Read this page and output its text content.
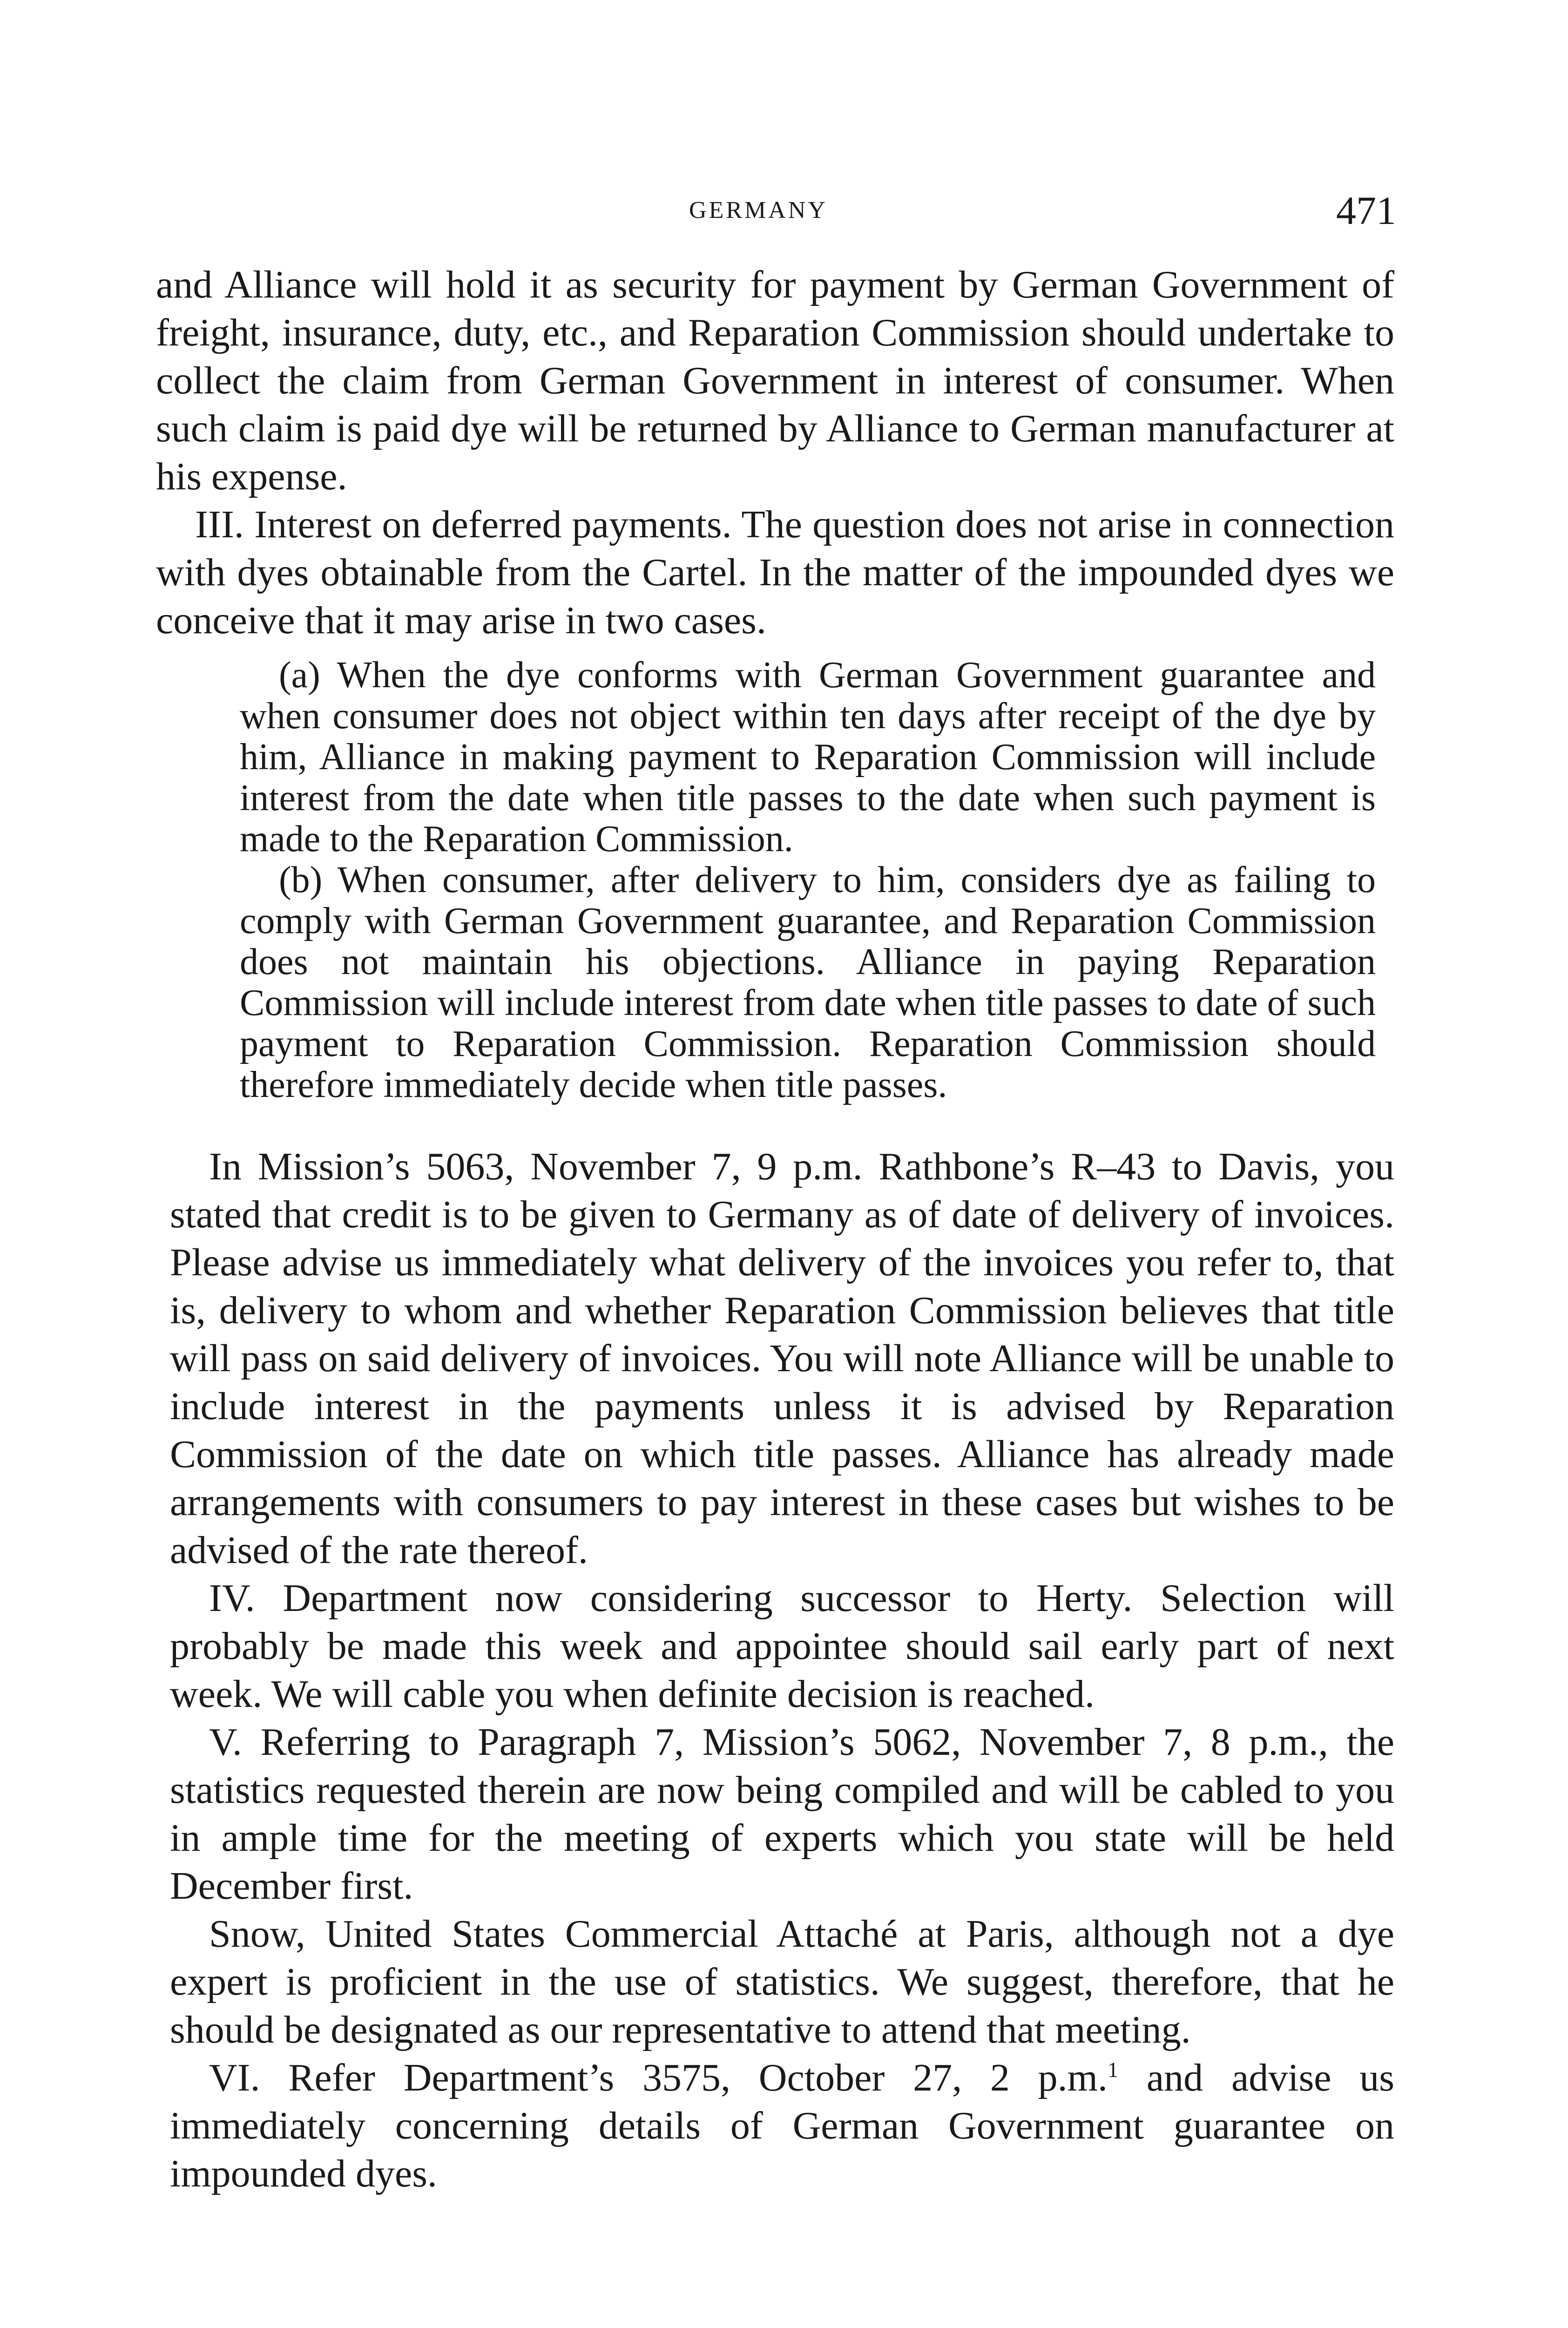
GERMANY	471

and Alliance will hold it as security for payment by German Government of freight, insurance, duty, etc., and Reparation Commission should undertake to collect the claim from German Government in interest of consumer. When such claim is paid dye will be returned by Alliance to German manufacturer at his expense.

III. Interest on deferred payments. The question does not arise in connection with dyes obtainable from the Cartel. In the matter of the impounded dyes we conceive that it may arise in two cases.

(a) When the dye conforms with German Government guarantee and when consumer does not object within ten days after receipt of the dye by him, Alliance in making payment to Reparation Commission will include interest from the date when title passes to the date when such payment is made to the Reparation Commission.

(b) When consumer, after delivery to him, considers dye as failing to comply with German Government guarantee, and Reparation Commission does not maintain his objections. Alliance in paying Reparation Commission will include interest from date when title passes to date of such payment to Reparation Commission. Reparation Commission should therefore immediately decide when title passes.

In Mission’s 5063, November 7, 9 p.m. Rathbone’s R–43 to Davis, you stated that credit is to be given to Germany as of date of delivery of invoices. Please advise us immediately what delivery of the invoices you refer to, that is, delivery to whom and whether Reparation Commission believes that title will pass on said delivery of invoices. You will note Alliance will be unable to include interest in the payments unless it is advised by Reparation Commission of the date on which title passes. Alliance has already made arrangements with consumers to pay interest in these cases but wishes to be advised of the rate thereof.

IV. Department now considering successor to Herty. Selection will probably be made this week and appointee should sail early part of next week. We will cable you when definite decision is reached.

V. Referring to Paragraph 7, Mission’s 5062, November 7, 8 p.m., the statistics requested therein are now being compiled and will be cabled to you in ample time for the meeting of experts which you state will be held December first.

Snow, United States Commercial Attaché at Paris, although not a dye expert is proficient in the use of statistics. We suggest, therefore, that he should be designated as our representative to attend that meeting.

VI. Refer Department’s 3575, October 27, 2 p.m.$^1$ and advise us immediately concerning details of German Government guarantee on impounded dyes.
